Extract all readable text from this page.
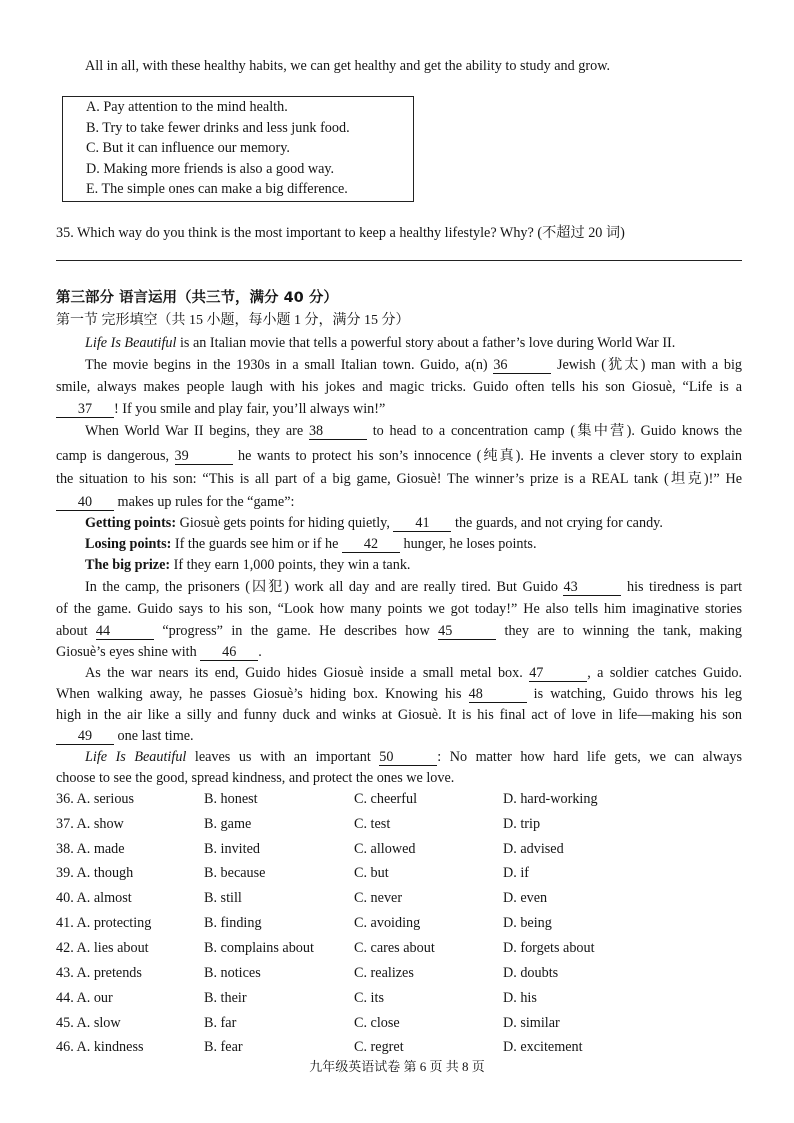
All in all, with these healthy habits, we can get healthy and get the ability to study and grow.
A. Pay attention to the mind health.
B. Try to take fewer drinks and less junk food.
C. But it can influence our memory.
D. Making more friends is also a good way.
E. The simple ones can make a big difference.
35. Which way do you think is the most important to keep a healthy lifestyle? Why? (不超过 20 词)
第三部分 语言运用（共三节，满分 40 分）
第一节 完形填空（共 15 小题，每小题 1 分，满分 15 分）
Life Is Beautiful is an Italian movie that tells a powerful story about a father’s love during World War II.
The movie begins in the 1930s in a small Italian town. Guido, a(n) 36	Jewish (犹太) man with a big
smile, always makes people laugh with his jokes and magic tricks. Guido often tells his son Giosuè, “Life is a
37 ! If you smile and play fair, you’ll always win!”
When World War II begins, they are 38	to head to a concentration camp (集中营). Guido knows the
camp is dangerous, 39	he wants to protect his son’s innocence (纯真). He invents a clever story to explain
the situation to his son: “This is all part of a big game, Giosuè! The winner’s prize is a REAL tank (坦克)!” He
40 makes up rules for the “game”:
Getting points: Giosuè gets points for hiding quietly, 41 the guards, and not crying for candy.
Losing points: If the guards see him or if he 42 hunger, he loses points.
The big prize: If they earn 1,000 points, they win a tank.
In the camp, the prisoners (囚犯) work all day and are really tired. But Guido 43	his tiredness is part
of the game. Guido says to his son, “Look how many points we got today!” He also tells him imaginative stories
about 44	“progress” in the game. He describes how 45	they are to winning the tank, making
Giosuè’s eyes shine with 46 .
As the war nears its end, Guido hides Giosuè inside a small metal box. 47	, a soldier catches Guido.
When walking away, he passes Giosuè’s hiding box. Knowing his 48	is watching, Guido throws his leg
high in the air like a silly and funny duck and winks at Giosuè. It is his final act of love in life—making his son
49 one last time.
Life Is Beautiful leaves us with an important 50	: No matter how hard life gets, we can always
choose to see the good, spread kindness, and protect the ones we love.
36. A. serious	B. honest	C. cheerful	D. hard-working
37. A. show	B. game	C. test	D. trip
38. A. made	B. invited	C. allowed	D. advised
39. A. though	B. because	C. but	D. if
40. A. almost	B. still	C. never	D. even
41. A. protecting	B. finding	C. avoiding	D. being
42. A. lies about	B. complains about	C. cares about	D. forgets about
43. A. pretends	B. notices	C. realizes	D. doubts
44. A. our	B. their	C. its	D. his
45. A. slow	B. far	C. close	D. similar
46. A. kindness	B. fear	C. regret	D. excitement
九年级英语试卷 第 6 页 共 8 页
